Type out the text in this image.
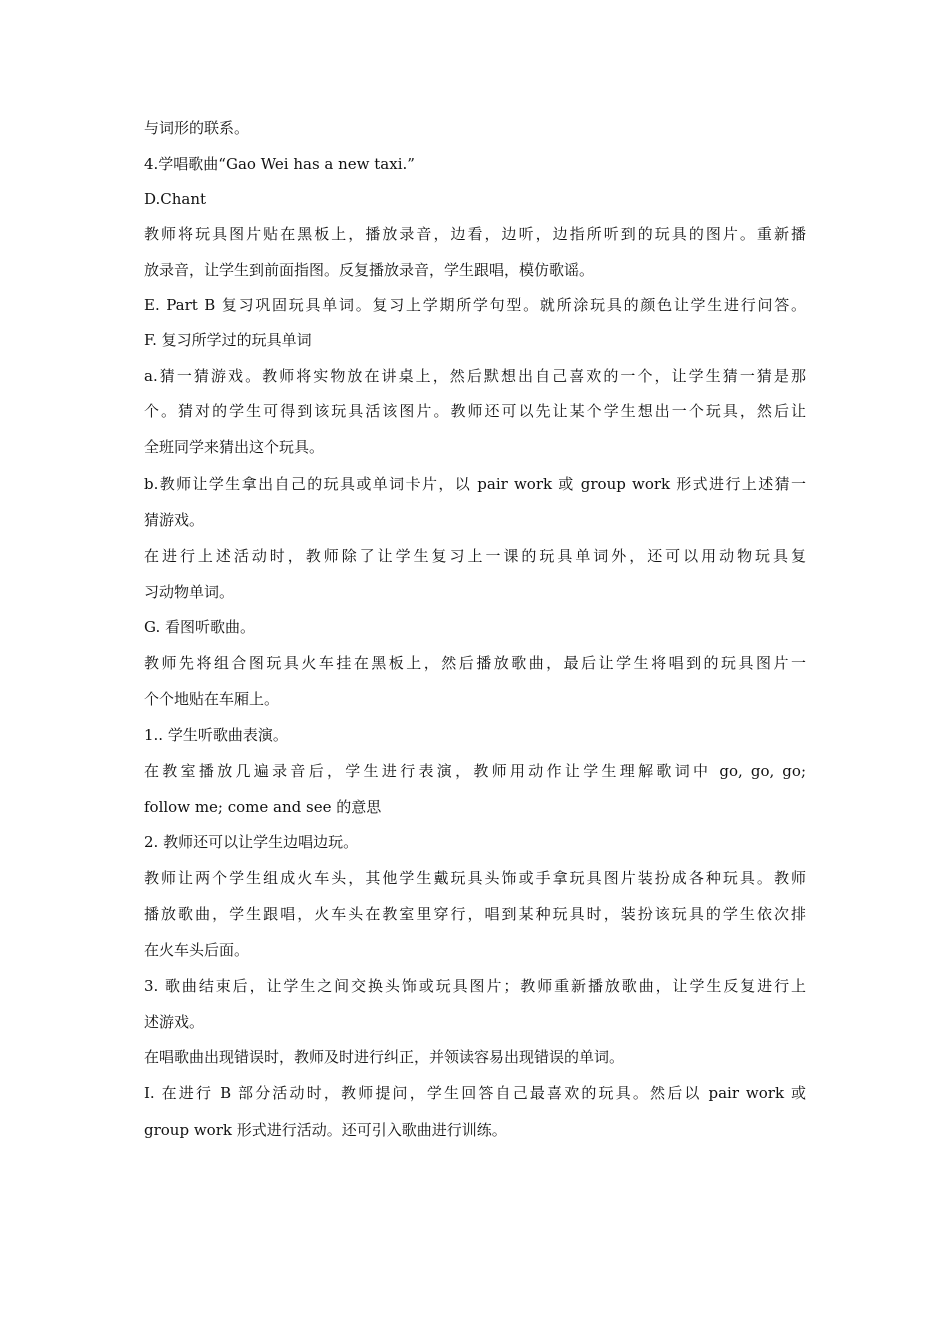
与词形的联系。
4.学唱歌曲“Gao Wei has a new taxi.”
D.Chant
教师将玩具图片贴在黑板上，播放录音，边看，边听，边指所听到的玩具的图片。重新播
放录音，让学生到前面指图。反复播放录音，学生跟唱，模仿歌谣。
E. Part B 复习巩固玩具单词。复习上学期所学句型。就所涂玩具的颜色让学生进行问答。
F. 复习所学过的玩具单词
a.猜一猜游戏。教师将实物放在讲桌上，然后默想出自己喜欢的一个，让学生猜一猜是那
个。猜对的学生可得到该玩具活该图片。教师还可以先让某个学生想出一个玩具，然后让
全班同学来猜出这个玩具。
b.教师让学生拿出自己的玩具或单词卡片，以 pair work 或 group work 形式进行上述猜一
猜游戏。
在进行上述活动时，教师除了让学生复习上一课的玩具单词外，还可以用动物玩具复
习动物单词。
G. 看图听歌曲。
教师先将组合图玩具火车挂在黑板上，然后播放歌曲，最后让学生将唱到的玩具图片一
个个地贴在车厢上。
1.. 学生听歌曲表演。
在教室播放几遍录音后，学生进行表演，教师用动作让学生理解歌词中 go, go, go;
follow me; come and see 的意思
2. 教师还可以让学生边唱边玩。
教师让两个学生组成火车头，其他学生戴玩具头饰或手拿玩具图片装扮成各种玩具。教师
播放歌曲，学生跟唱，火车头在教室里穿行，唱到某种玩具时，装扮该玩具的学生依次排
在火车头后面。
3. 歌曲结束后，让学生之间交换头饰或玩具图片；教师重新播放歌曲，让学生反复进行上
述游戏。
在唱歌曲出现错误时，教师及时进行纠正，并领读容易出现错误的单词。
I. 在进行 B 部分活动时，教师提问，学生回答自己最喜欢的玩具。然后以 pair work 或
group work 形式进行活动。还可引入歌曲进行训练。
